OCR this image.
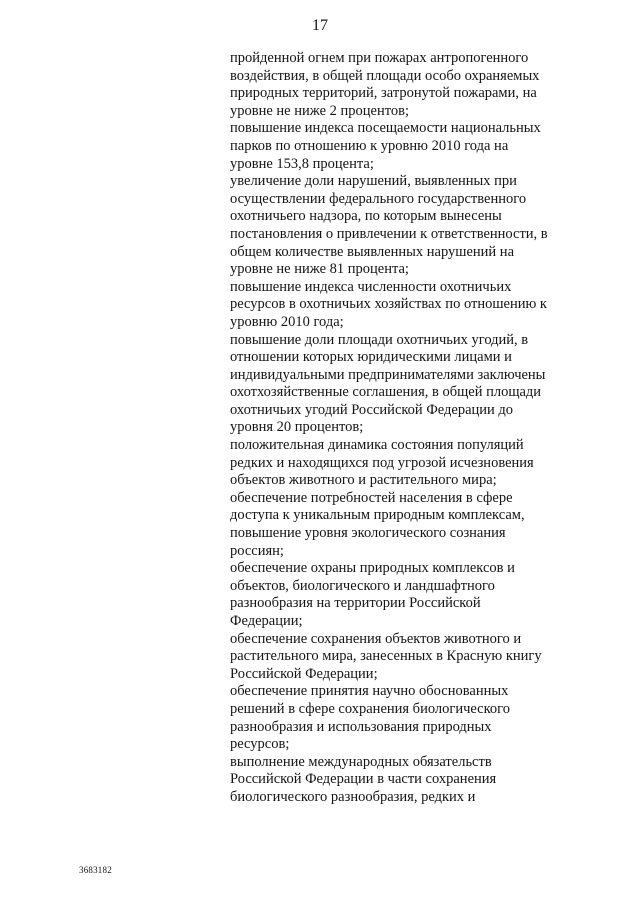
17
пройденной огнем при пожарах антропогенного
воздействия, в общей площади особо охраняемых
природных территорий, затронутой пожарами, на
уровне не ниже 2 процентов;
повышение индекса посещаемости национальных
парков по отношению к уровню 2010 года на
уровне 153,8 процента;
увеличение доли нарушений, выявленных при
осуществлении федерального государственного
охотничьего надзора, по которым вынесены
постановления о привлечении к ответственности, в
общем количестве выявленных нарушений на
уровне не ниже 81 процента;
повышение индекса численности охотничьих
ресурсов в охотничьих хозяйствах по отношению к
уровню 2010 года;
повышение доли площади охотничьих угодий, в
отношении которых юридическими лицами и
индивидуальными предпринимателями заключены
охотхозяйственные соглашения, в общей площади
охотничьих угодий Российской Федерации до
уровня 20 процентов;
положительная динамика состояния популяций
редких и находящихся под угрозой исчезновения
объектов животного и растительного мира;
обеспечение потребностей населения в сфере
доступа к уникальным природным комплексам,
повышение уровня экологического сознания
россиян;
обеспечение охраны природных комплексов и
объектов, биологического и ландшафтного
разнообразия на территории Российской
Федерации;
обеспечение сохранения объектов животного и
растительного мира, занесенных в Красную книгу
Российской Федерации;
обеспечение принятия научно обоснованных
решений в сфере сохранения биологического
разнообразия и использования природных
ресурсов;
выполнение международных обязательств
Российской Федерации в части сохранения
биологического разнообразия, редких и
3683182
